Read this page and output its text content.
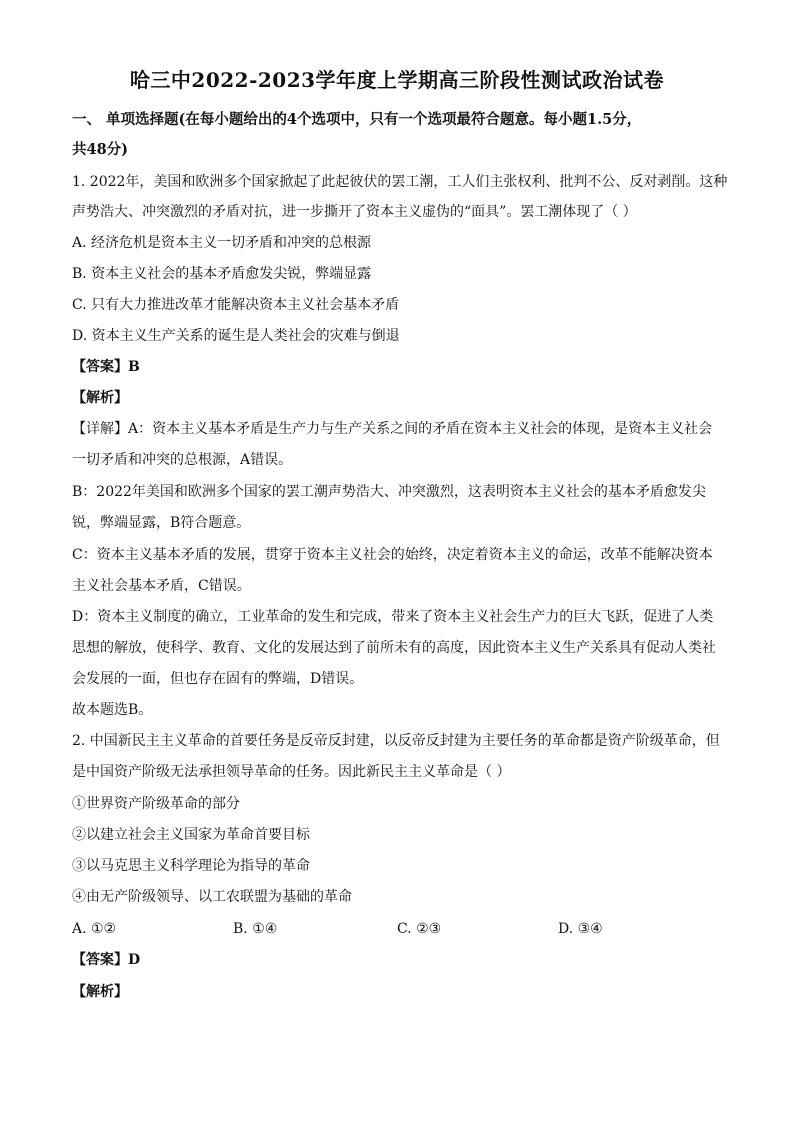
哈三中2022-2023学年度上学期高三阶段性测试政治试卷
一、 单项选择题(在每小题给出的4个选项中，只有一个选项最符合题意。每小题1.5分，
共48分)
1. 2022年，美国和欧洲多个国家掀起了此起彼伏的罢工潮，工人们主张权利、批判不公、反对剥削。这种
声势浩大、冲突激烈的矛盾对抗，进一步撕开了资本主义虚伪的“面具”。罢工潮体现了（ ）
A. 经济危机是资本主义一切矛盾和冲突的总根源
B. 资本主义社会的基本矛盾愈发尖锐，弊端显露
C. 只有大力推进改革才能解决资本主义社会基本矛盾
D. 资本主义生产关系的诞生是人类社会的灾难与倒退
【答案】B
【解析】
【详解】A：资本主义基本矛盾是生产力与生产关系之间的矛盾在资本主义社会的体现，是资本主义社会
一切矛盾和冲突的总根源，A错误。
B：2022年美国和欧洲多个国家的罢工潮声势浩大、冲突激烈，这表明资本主义社会的基本矛盾愈发尖
锐，弊端显露，B符合题意。
C：资本主义基本矛盾的发展，贯穿于资本主义社会的始终，决定着资本主义的命运，改革不能解决资本
主义社会基本矛盾，C错误。
D：资本主义制度的确立，工业革命的发生和完成，带来了资本主义社会生产力的巨大飞跃，促进了人类
思想的解放，使科学、教育、文化的发展达到了前所未有的高度，因此资本主义生产关系具有促动人类社
会发展的一面，但也存在固有的弊端，D错误。
故本题选B。
2. 中国新民主主义革命的首要任务是反帝反封建，以反帝反封建为主要任务的革命都是资产阶级革命，但
是中国资产阶级无法承担领导革命的任务。因此新民主主义革命是（ ）
①世界资产阶级革命的部分
②以建立社会主义国家为革命首要目标
③以马克思主义科学理论为指导的革命
④由无产阶级领导、以工农联盟为基础的革命
A. ①②	B. ①④	C. ②③	D. ③④
【答案】D
【解析】
